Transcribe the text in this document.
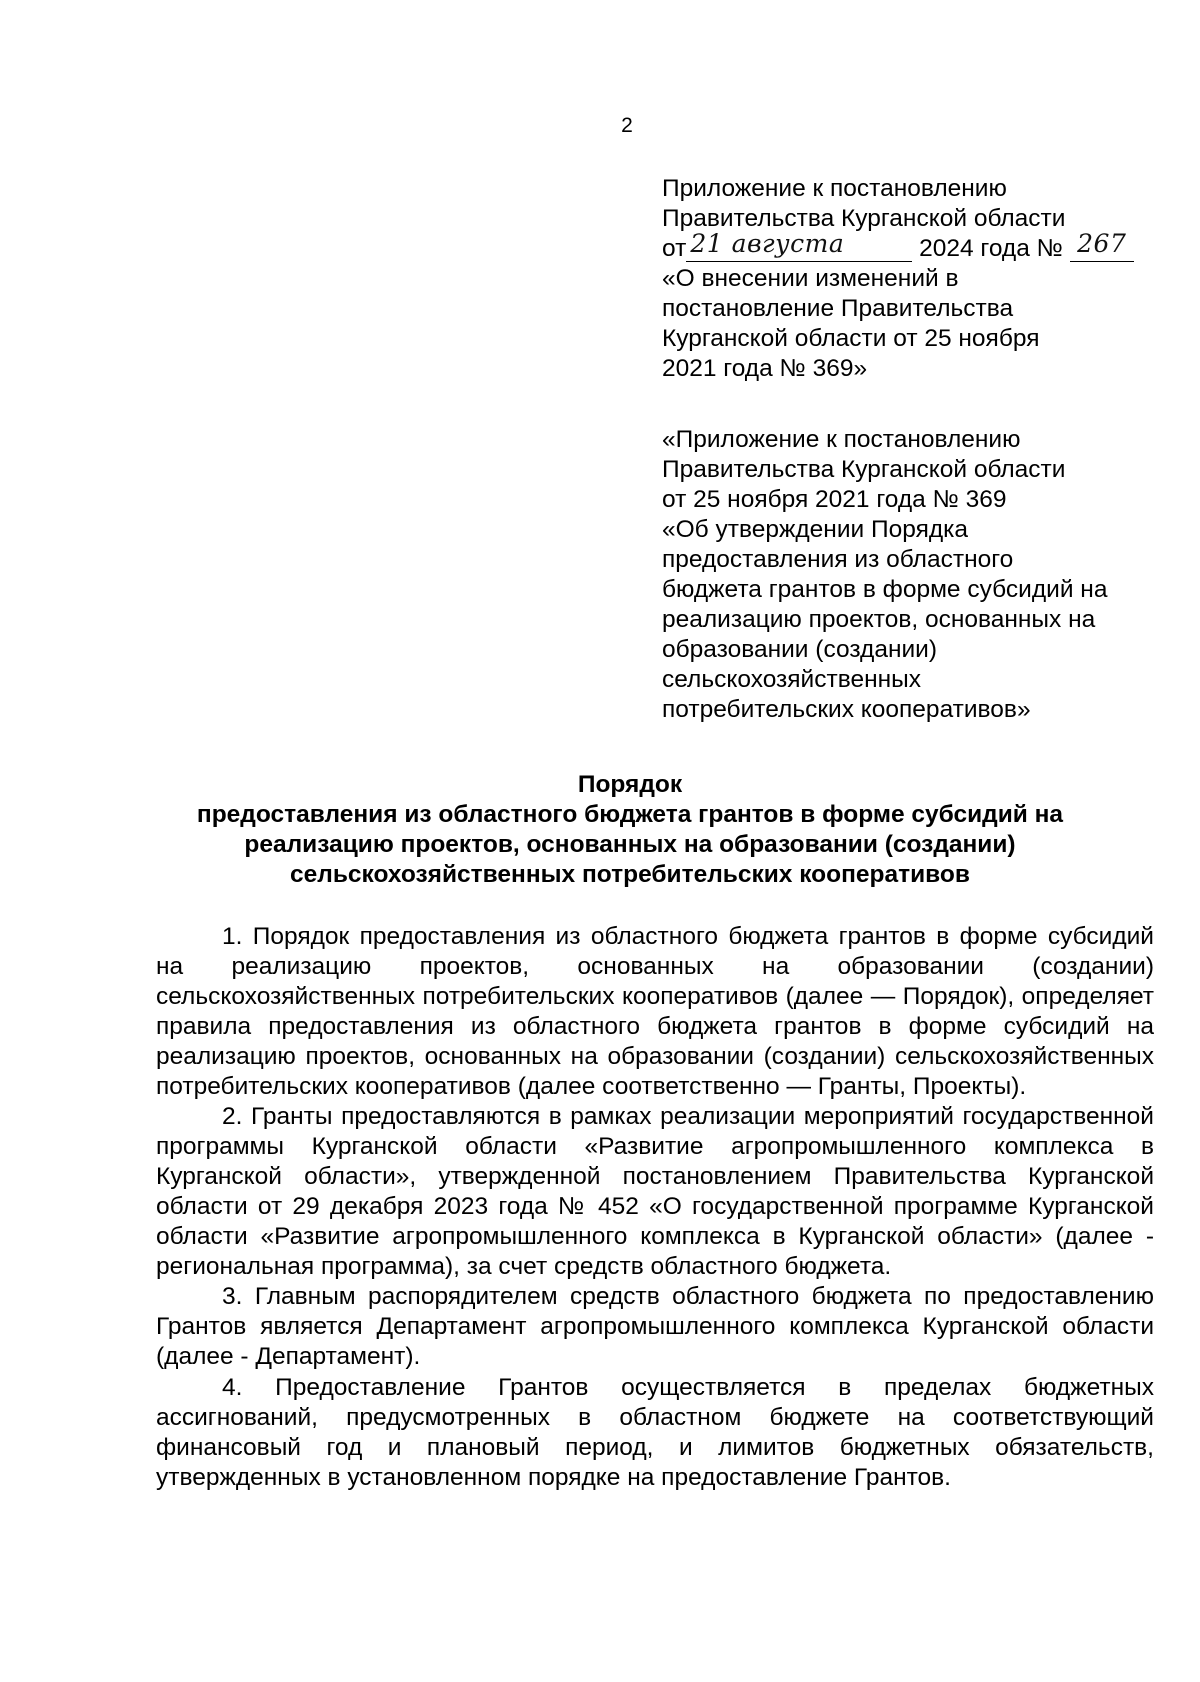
2
Приложение к постановлению
Правительства Курганской области
от 21 августа	2024 года № 267
«О внесении изменений в
постановление Правительства
Курганской области от 25 ноября
2021 года № 369»
«Приложение к постановлению
Правительства Курганской области
от 25 ноября 2021 года № 369
«Об утверждении Порядка
предоставления из областного
бюджета грантов в форме субсидий на
реализацию проектов, основанных на
образовании (создании)
сельскохозяйственных
потребительских кооперативов»
Порядок
предоставления из областного бюджета грантов в форме субсидий на
реализацию проектов, основанных на образовании (создании)
сельскохозяйственных потребительских кооперативов

1. Порядок предоставления из областного бюджета грантов в форме субсидий на реализацию проектов, основанных на образовании (создании) сельскохозяйственных потребительских кооперативов (далее — Порядок), определяет правила предоставления из областного бюджета грантов в форме субсидий на реализацию проектов, основанных на образовании (создании) сельскохозяйственных потребительских кооперативов (далее соответственно — Гранты, Проекты).

2. Гранты предоставляются в рамках реализации мероприятий государственной программы Курганской области «Развитие агропромышленного комплекса в Курганской области», утвержденной постановлением Правительства Курганской области от 29 декабря 2023 года № 452 «О государственной программе Курганской области «Развитие агропромышленного комплекса в Курганской области» (далее - региональная программа), за счет средств областного бюджета.

3. Главным распорядителем средств областного бюджета по предоставлению Грантов является Департамент агропромышленного комплекса Курганской области (далее - Департамент).

4. Предоставление Грантов осуществляется в пределах бюджетных ассигнований, предусмотренных в областном бюджете на соответствующий финансовый год и плановый период, и лимитов бюджетных обязательств, утвержденных в установленном порядке на предоставление Грантов.
